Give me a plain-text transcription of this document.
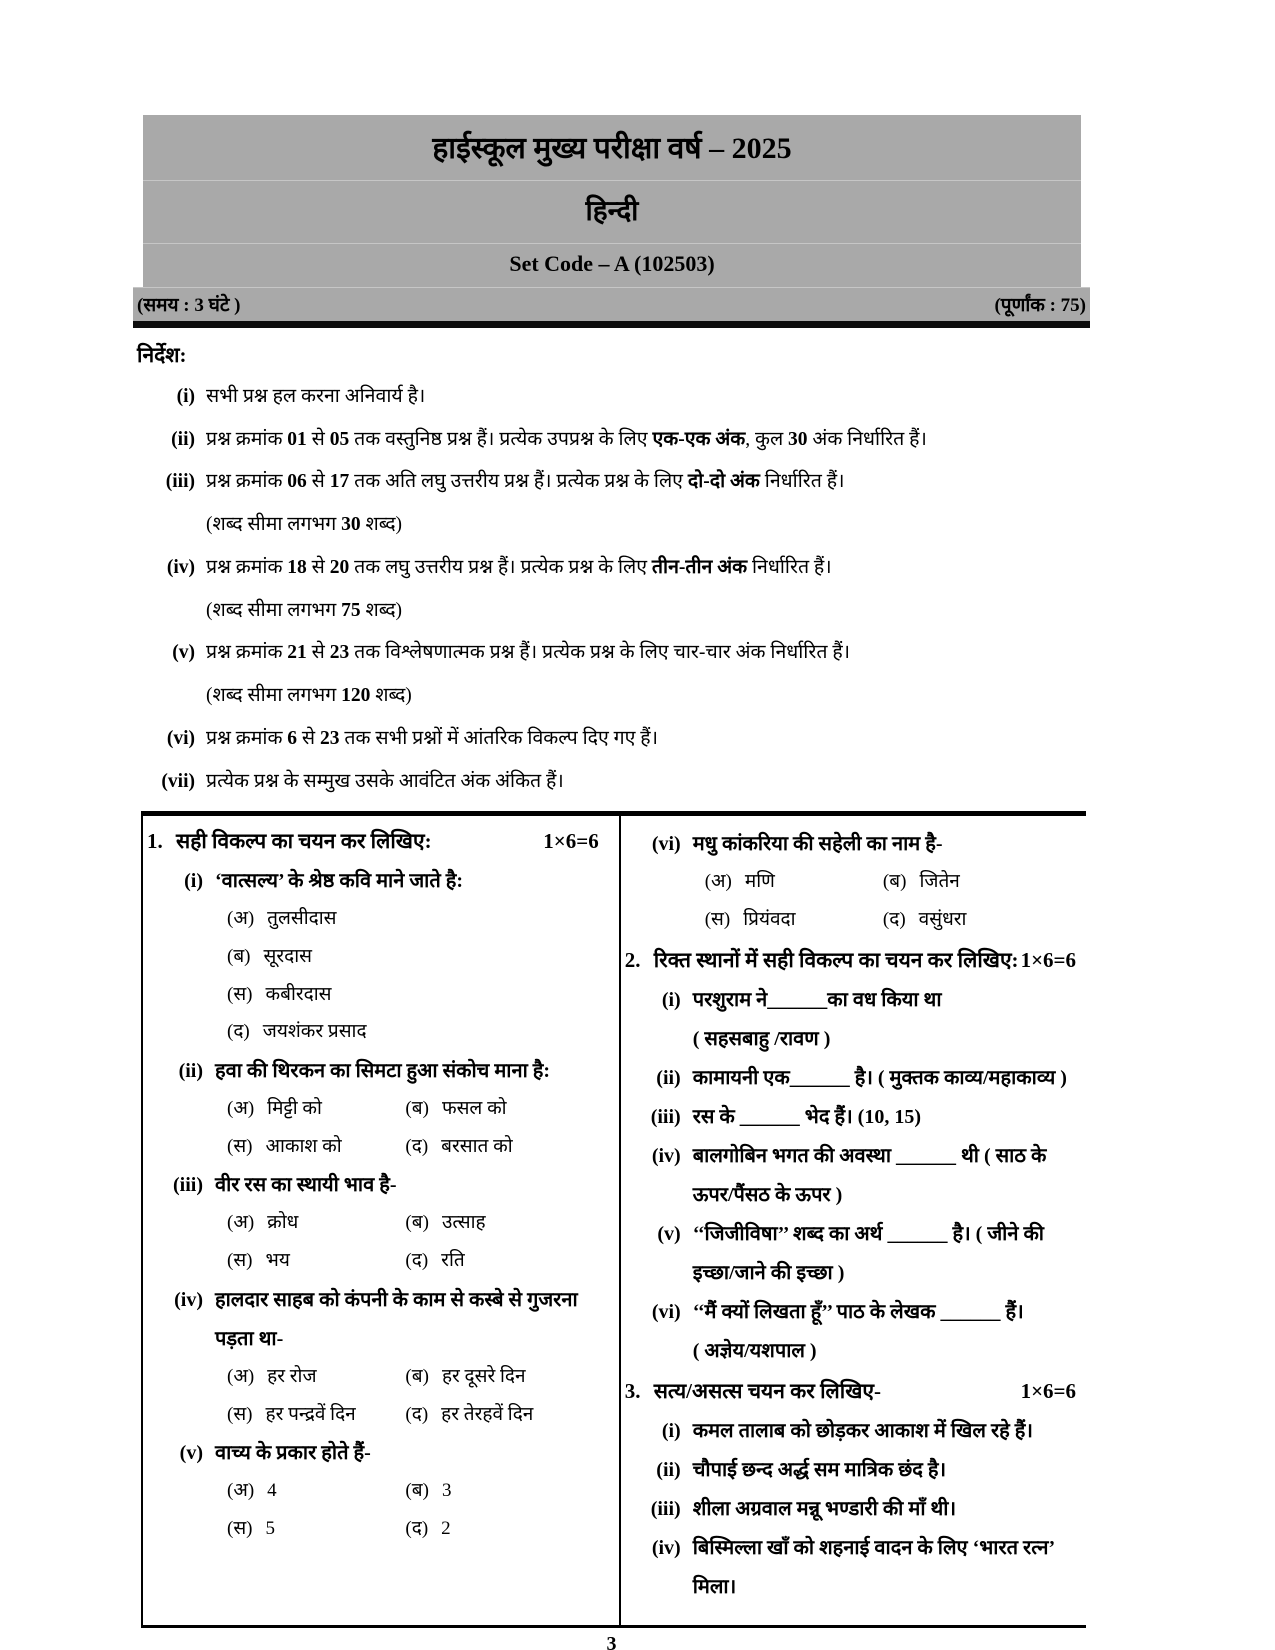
हाईस्कूल मुख्य परीक्षा वर्ष – 2025
हिन्दी
Set Code – A (102503)
(समय : 3 घंटे )	(पूर्णांक : 75)
निर्देश:
(i) सभी प्रश्न हल करना अनिवार्य है।
(ii) प्रश्न क्रमांक 01 से 05 तक वस्तुनिष्ठ प्रश्न हैं। प्रत्येक उपप्रश्न के लिए एक-एक अंक, कुल 30 अंक निर्धारित हैं।
(iii) प्रश्न क्रमांक 06 से 17 तक अति लघु उत्तरीय प्रश्न हैं। प्रत्येक प्रश्न के लिए दो-दो अंक निर्धारित हैं।
(शब्द सीमा लगभग 30 शब्द)
(iv) प्रश्न क्रमांक 18 से 20 तक लघु उत्तरीय प्रश्न हैं। प्रत्येक प्रश्न के लिए तीन-तीन अंक निर्धारित हैं।
(शब्द सीमा लगभग 75 शब्द)
(v) प्रश्न क्रमांक 21 से 23 तक विश्लेषणात्मक प्रश्न हैं। प्रत्येक प्रश्न के लिए चार-चार अंक निर्धारित हैं।
(शब्द सीमा लगभग 120 शब्द)
(vi) प्रश्न क्रमांक 6 से 23 तक सभी प्रश्नों में आंतरिक विकल्प दिए गए हैं।
(vii) प्रत्येक प्रश्न के सम्मुख उसके आवंटित अंक अंकित हैं।
1. सही विकल्प का चयन कर लिखिए:	1×6=6
(i) ‘वात्सल्य’ के श्रेष्ठ कवि माने जाते है:
(अ) तुलसीदास
(ब) सूरदास
(स) कबीरदास
(द) जयशंकर प्रसाद
(ii) हवा की थिरकन का सिमटा हुआ संकोच माना है:
(अ) मिट्टी को	(ब) फसल को
(स) आकाश को	(द) बरसात को
(iii) वीर रस का स्थायी भाव है-
(अ) क्रोध	(ब) उत्साह
(स) भय	(द) रति
(iv) हालदार साहब को कंपनी के काम से कस्बे से गुजरना
पड़ता था-
(अ) हर रोज	(ब) हर दूसरे दिन
(स) हर पन्द्रवें दिन	(द) हर तेरहवें दिन
(v) वाच्य के प्रकार होते हैं-
(अ) 4	(ब) 3
(स) 5	(द) 2
(vi) मधु कांकरिया की सहेली का नाम है-
(अ) मणि	(ब) जितेन
(स) प्रियंवदा	(द) वसुंधरा
2. रिक्त स्थानों में सही विकल्प का चयन कर लिखिए: 1×6=6
(i) परशुराम ने______का वध किया था
( सहसबाहु /रावण )
(ii) कामायनी एक______ है। ( मुक्तक काव्य/महाकाव्य )
(iii) रस के ______ भेद हैं। (10, 15)
(iv) बालगोबिन भगत की अवस्था ______ थी ( साठ के
ऊपर/पैंसठ के ऊपर )
(v) ‘‘जिजीविषा’’ शब्द का अर्थ ______ है। ( जीने की
इच्छा/जाने की इच्छा )
(vi) ‘‘मैं क्यों लिखता हूँ’’ पाठ के लेखक ______ हैं।
( अज्ञेय/यशपाल )
3. सत्य/असत्स चयन कर लिखिए-	1×6=6
(i) कमल तालाब को छोड़कर आकाश में खिल रहे हैं।
(ii) चौपाई छन्द अर्द्ध सम मात्रिक छंद है।
(iii) शीला अग्रवाल मन्नू भण्डारी की माँ थी।
(iv) बिस्मिल्ला खाँ को शहनाई वादन के लिए ‘भारत रत्न’
मिला।
3
